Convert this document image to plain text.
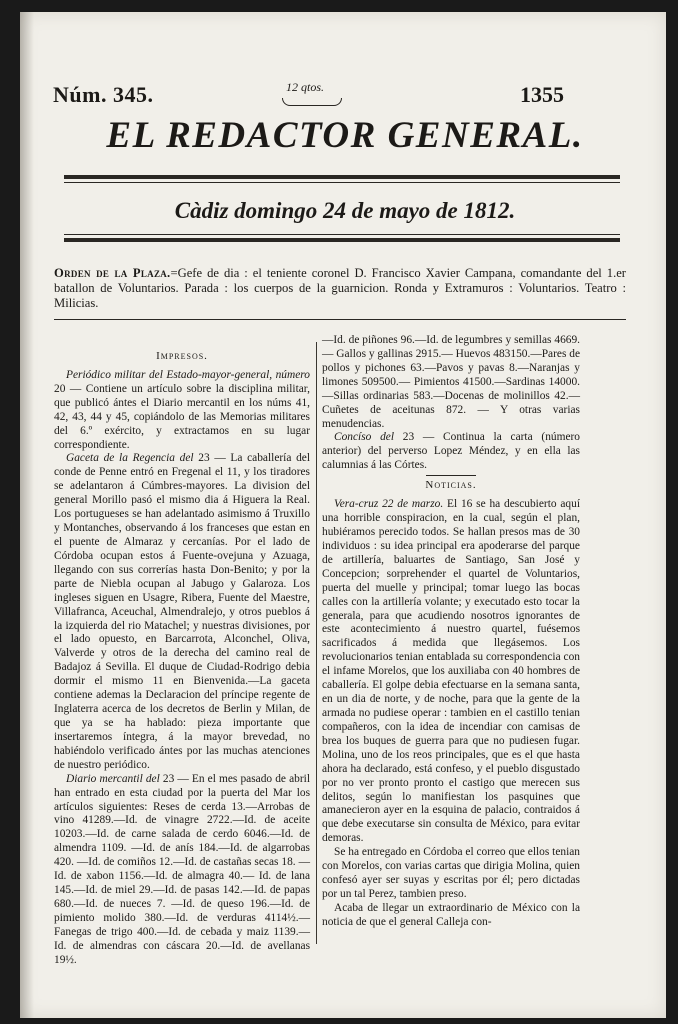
Núm. 345.	12 qtos.	1355
EL REDACTOR GENERAL.
Càdiz domingo 24 de mayo de 1812.
Orden de la Plaza.=Gefe de dia : el teniente coronel D. Francisco Xavier Campana, comandante del 1.er batallon de Voluntarios. Parada : los cuerpos de la guarnicion. Ronda y Extramuros : Voluntarios. Teatro : Milicias.
Impresos.

Periódico militar del Estado-mayor-general, número 20 — Contiene un artículo sobre la disciplina militar, que publicó ántes el Diario mercantil en los núms 41, 42, 43, 44 y 45, copiándolo de las Memorias militares del 6.º exército, y extractamos en su lugar correspondiente.

Gaceta de la Regencia del 23 — La caballería del conde de Penne entró en Fregenal el 11, y los tiradores se adelantaron á Cúmbres-mayores. La division del general Morillo pasó el mismo dia á Higuera la Real. Los portugueses se han adelantado asimismo á Truxillo y Montanches, observando á los franceses que estan en el puente de Almaraz y cercanías. Por el lado de Córdoba ocupan estos á Fuente-ovejuna y Azuaga, llegando con sus correrías hasta Don-Benito; y por la parte de Niebla ocupan al Jabugo y Galaroza. Los ingleses siguen en Usagre, Ribera, Fuente del Maestre, Villafranca, Aceuchal, Almendralejo, y otros pueblos á la izquierda del rio Matachel; y nuestras divisiones, por el lado opuesto, en Barcarrota, Alconchel, Oliva, Valverde y otros de la derecha del camino real de Badajoz á Sevilla. El duque de Ciudad-Rodrigo debia dormir el mismo 11 en Bienvenida.—La gaceta contiene ademas la Declaracion del príncipe regente de Inglaterra acerca de los decretos de Berlin y Milan, de que ya se ha hablado: pieza importante que insertaremos íntegra, á la mayor brevedad, no habiéndolo verificado ántes por las muchas atenciones de nuestro periódico.

Diario mercantil del 23 — En el mes pasado de abril han entrado en esta ciudad por la puerta del Mar los artículos siguientes: Reses de cerda 13.—Arrobas de vino 41289.—Id. de vinagre 2722.—Id. de aceite 10203.—Id. de carne salada de cerdo 6046.—Id. de almendra 1109. —Id. de anís 184.—Id. de algarrobas 420. —Id. de comiños 12.—Id. de castañas secas 18. —Id. de xabon 1156.—Id. de almagra 40.— Id. de lana 145.—Id. de miel 29.—Id. de pasas 142.—Id. de papas 680.—Id. de nueces 7. —Id. de queso 196.—Id. de pimiento molido 380.—Id. de verduras 4114½.—Fanegas de trigo 400.—Id. de cebada y maiz 1139.— Id. de almendras con cáscara 20.—Id. de avellanas 19½.

—Id. de piñones 96.—Id. de legumbres y semillas 4669.— Gallos y gallinas 2915.— Huevos 483150.—Pares de pollos y pichones 63.—Pavos y pavas 8.—Naranjas y limones 509500.— Pimientos 41500.—Sardinas 14000.—Sillas ordinarias 583.—Docenas de molinillos 42.—Cuñetes de aceitunas 872. — Y otras varias menudencias.

Concíso del 23 — Continua la carta (número anterior) del perverso Lopez Méndez, y en ella las calumnias á las Córtes.

Noticias.

Vera-cruz 22 de marzo. El 16 se ha descubierto aquí una horrible conspiracion, en la cual, según el plan, hubiéramos perecido todos. Se hallan presos mas de 30 individuos : su idea principal era apoderarse del parque de artillería, baluartes de Santiago, San José y Concepcion; sorprehender el quartel de Voluntarios, puerta del muelle y principal; tomar luego las bocas calles con la artillería volante; y executado esto tocar la generala, para que acudiendo nosotros ignorantes de este acontecimiento á nuestro quartel, fuésemos sacrificados á medida que llegásemos. Los revolucionarios tenian entablada su correspondencia con el infame Morelos, que los auxiliaba con 40 hombres de caballería. El golpe debia efectuarse en la semana santa, en un dia de norte, y de noche, para que la gente de la armada no pudiese operar : tambien en el castillo tenian compañeros, con la idea de incendiar con camisas de brea los buques de guerra para que no pudiesen fugar. Molina, uno de los reos principales, que es el que hasta ahora ha declarado, está confeso, y el pueblo disgustado por no ver pronto pronto el castigo que merecen sus delitos, según lo manifiestan los pasquines que amanecieron ayer en la esquina de palacio, contraidos á que debe executarse sin consulta de México, para evitar demoras.

Se ha entregado en Córdoba el correo que ellos tenian con Morelos, con varias cartas que dirigia Molina, quien confesó ayer ser suyas y escritas por él; pero dictadas por un tal Perez, tambien preso.

Acaba de llegar un extraordinario de México con la noticia de que el general Calleja con-
